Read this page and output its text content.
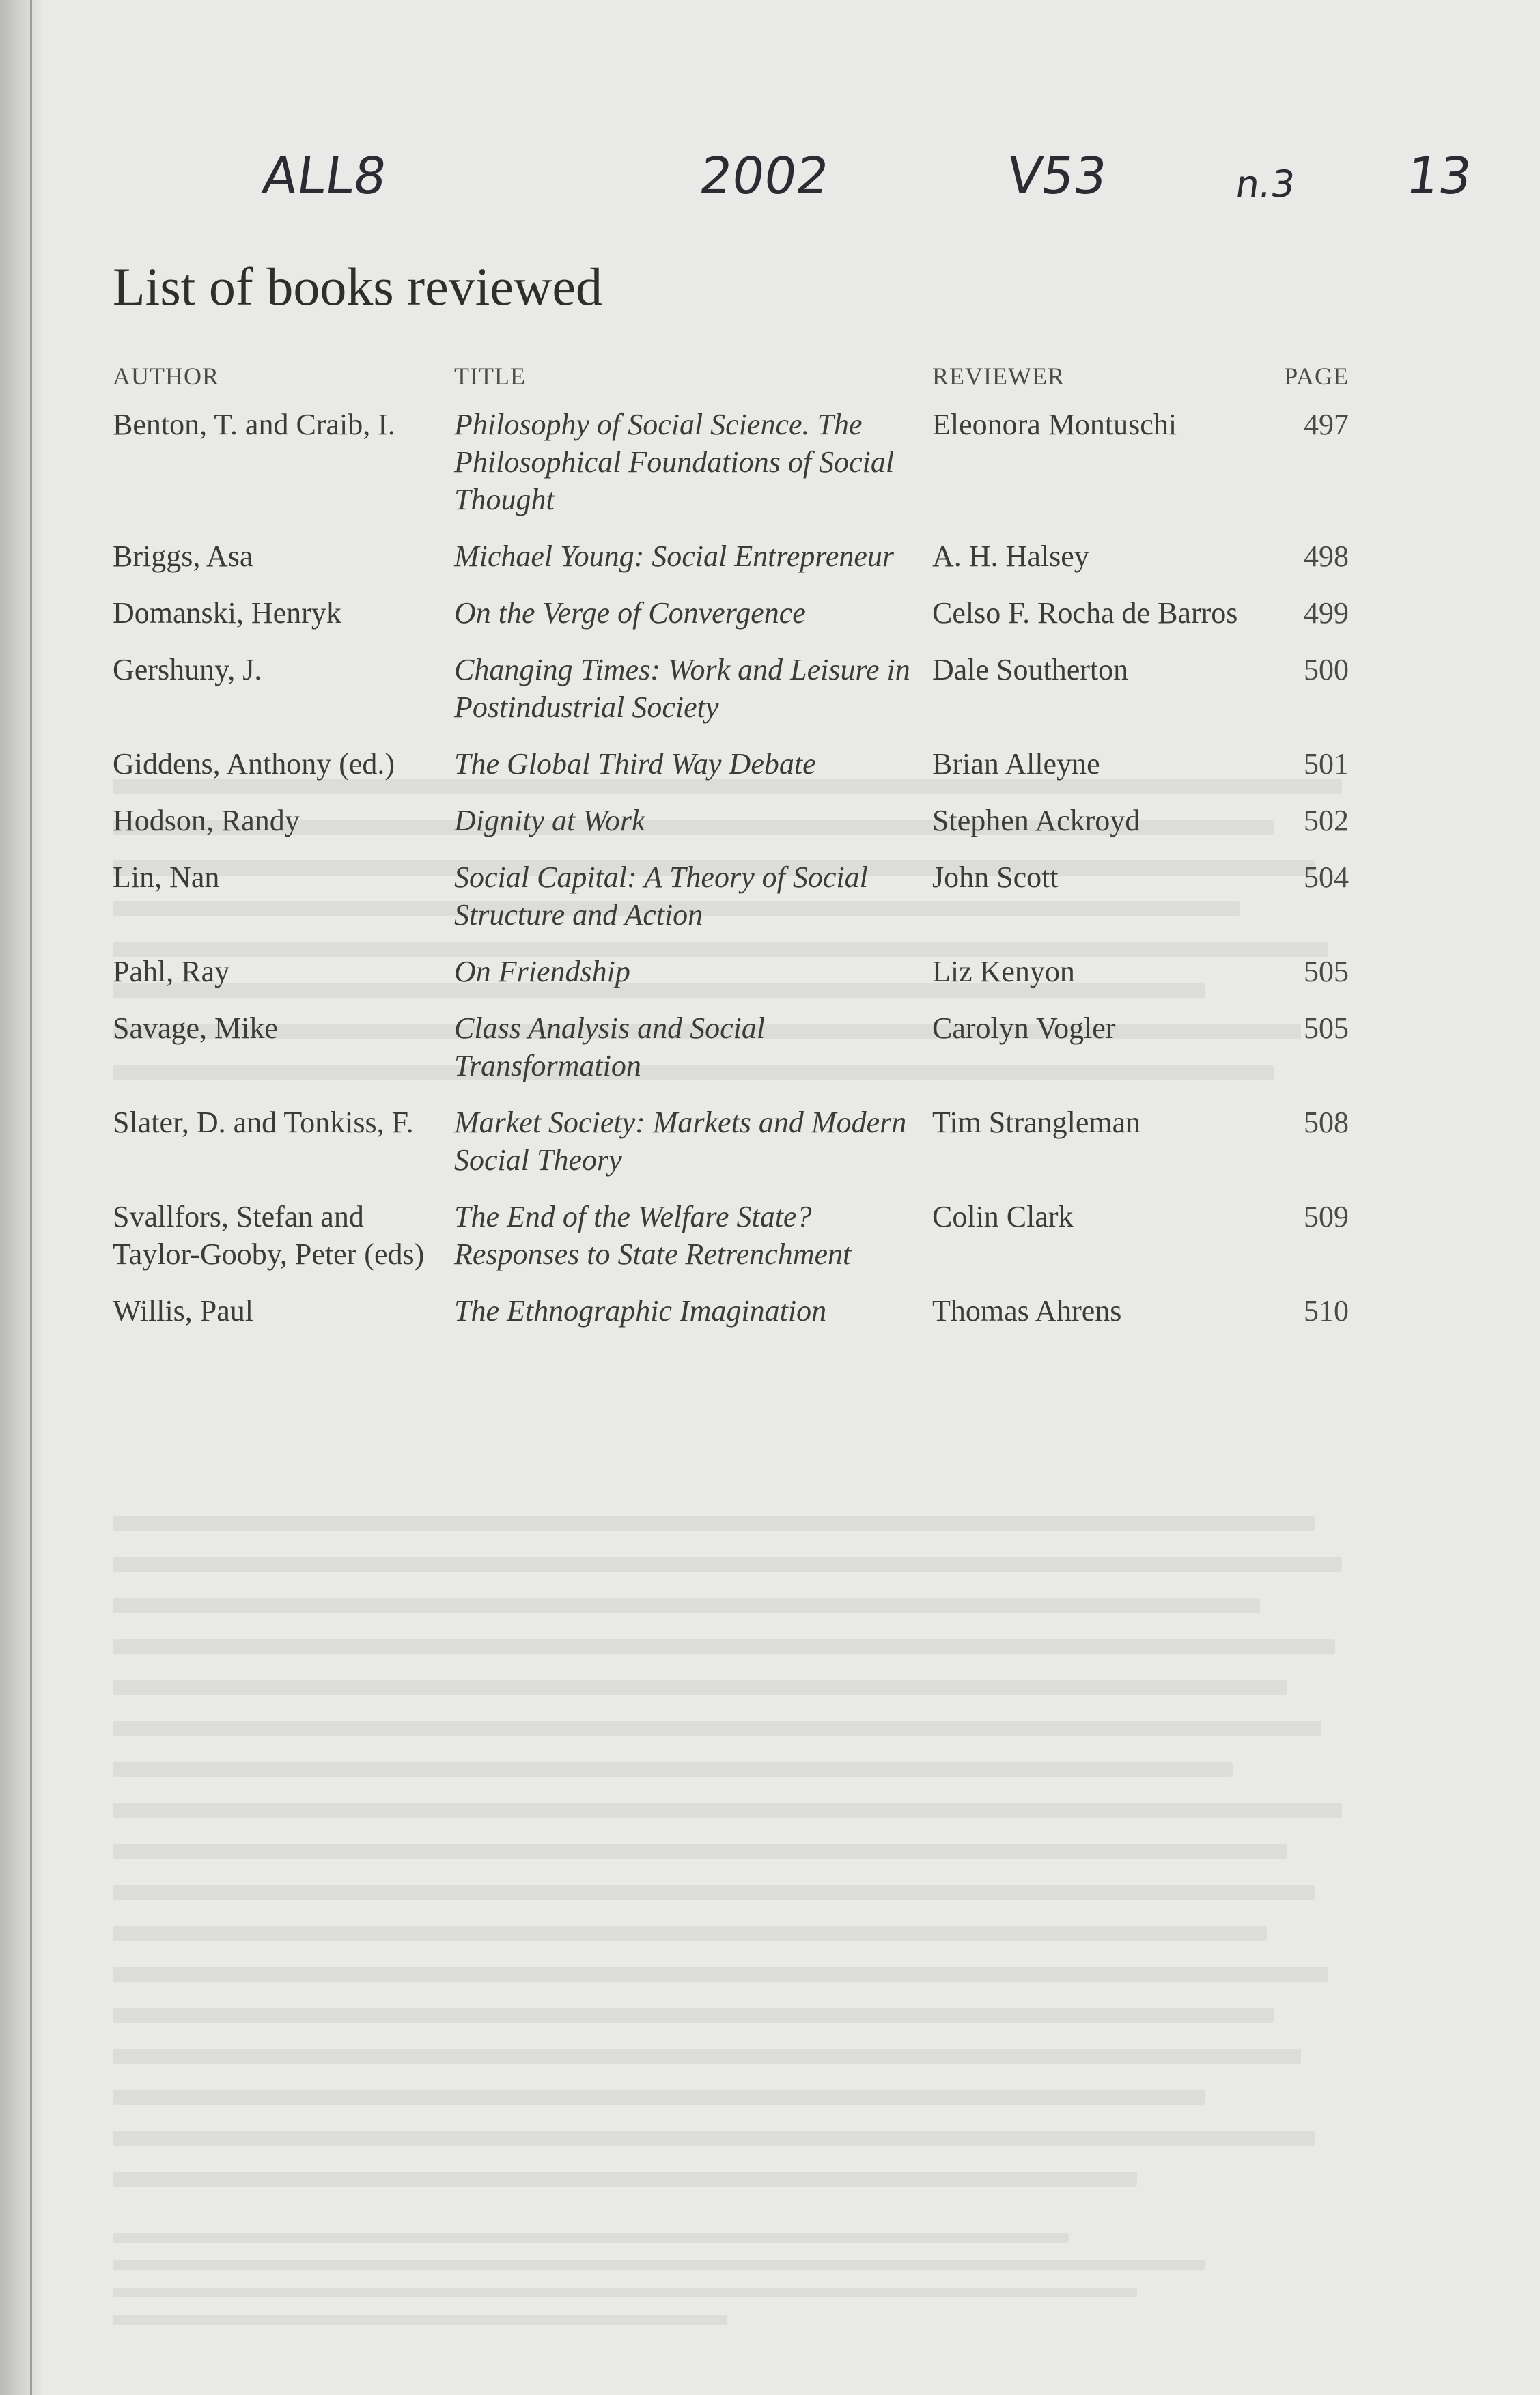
ALL8	2002	V53	n.3 13
List of books reviewed
AUTHOR	TITLE	REVIEWER	PAGE
Benton, T. and Craib, I.	Philosophy of Social Science. The Philosophical Foundations of Social Thought	Eleonora Montuschi	497
Briggs, Asa	Michael Young: Social Entrepreneur	A. H. Halsey	498
Domanski, Henryk	On the Verge of Convergence	Celso F. Rocha de Barros	499
Gershuny, J.	Changing Times: Work and Leisure in Postindustrial Society	Dale Southerton	500
Giddens, Anthony (ed.)	The Global Third Way Debate	Brian Alleyne	501
Hodson, Randy	Dignity at Work	Stephen Ackroyd	502
Lin, Nan	Social Capital: A Theory of Social Structure and Action	John Scott	504
Pahl, Ray	On Friendship	Liz Kenyon	505
Savage, Mike	Class Analysis and Social Transformation	Carolyn Vogler	505
Slater, D. and Tonkiss, F.	Market Society: Markets and Modern Social Theory	Tim Strangleman	508
Svallfors, Stefan and Taylor-Gooby, Peter (eds)	The End of the Welfare State? Responses to State Retrenchment	Colin Clark	509
Willis, Paul	The Ethnographic Imagination	Thomas Ahrens	510
